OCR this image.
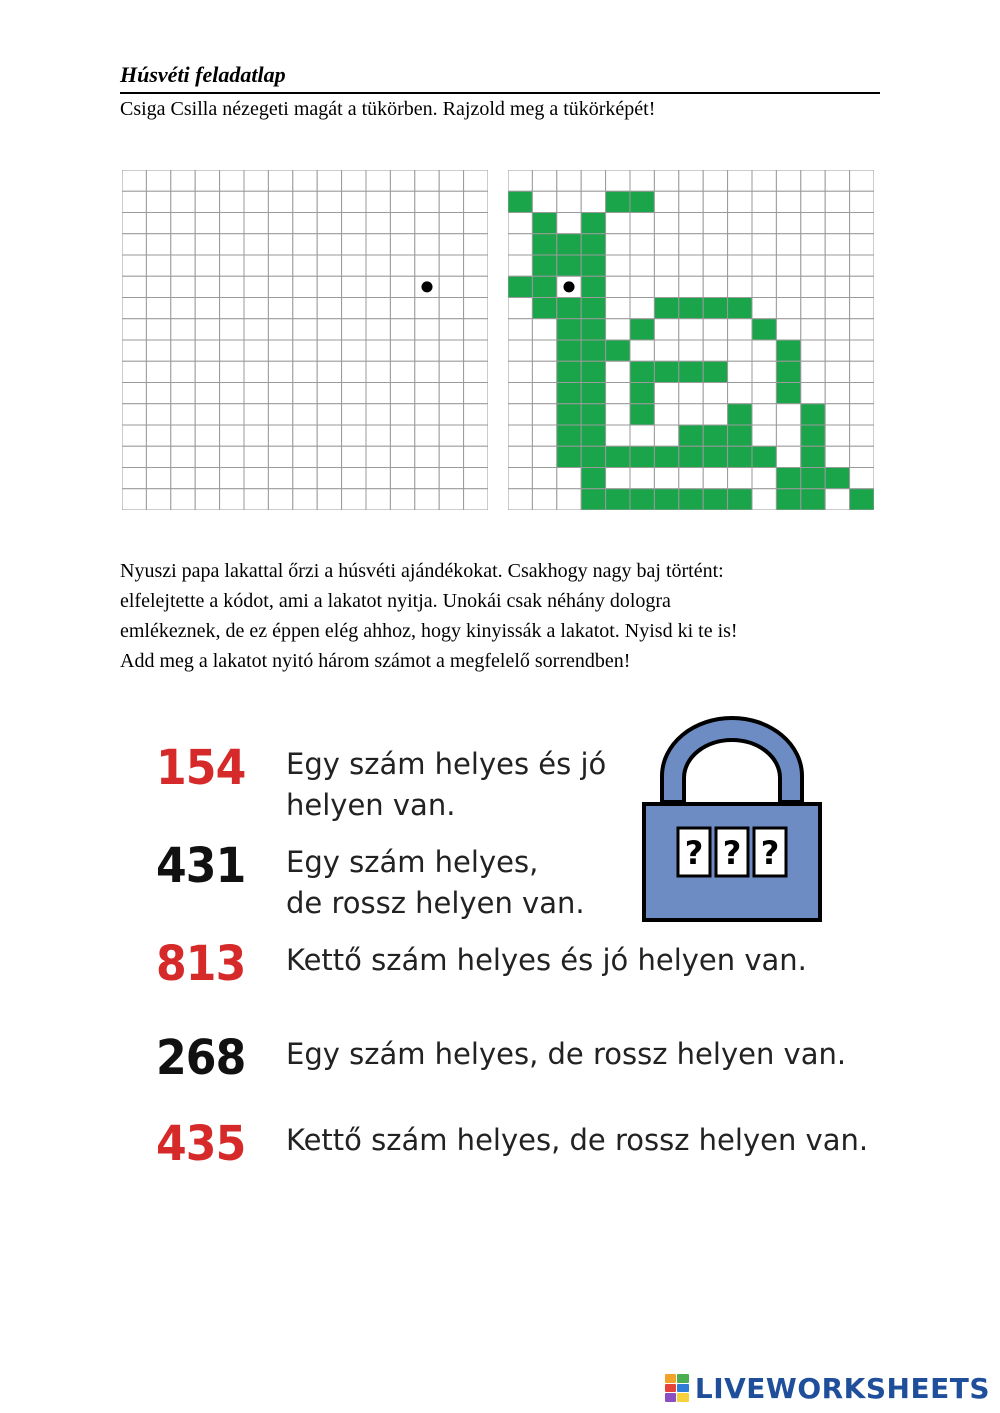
Húsvéti feladatlap

Csiga Csilla nézegeti magát a tükörben. Rajzold meg a tükörképét!

Nyuszi papa lakattal őrzi a húsvéti ajándékokat. Csakhogy nagy baj történt:
elfelejtette a kódot, ami a lakatot nyitja. Unokái csak néhány dologra
emlékeznek, de ez éppen elég ahhoz, hogy kinyissák a lakatot. Nyisd ki te is!
Add meg a lakatot nyitó három számot a megfelelő sorrendben!
154 Egy szám helyes és jó
helyen van.
431 Egy szám helyes,
de rossz helyen van.
813 Kettő szám helyes és jó helyen van.
268 Egy szám helyes, de rossz helyen van.
435 Kettő szám helyes, de rossz helyen van.
? ? ?
LIVEWORKSHEETS
